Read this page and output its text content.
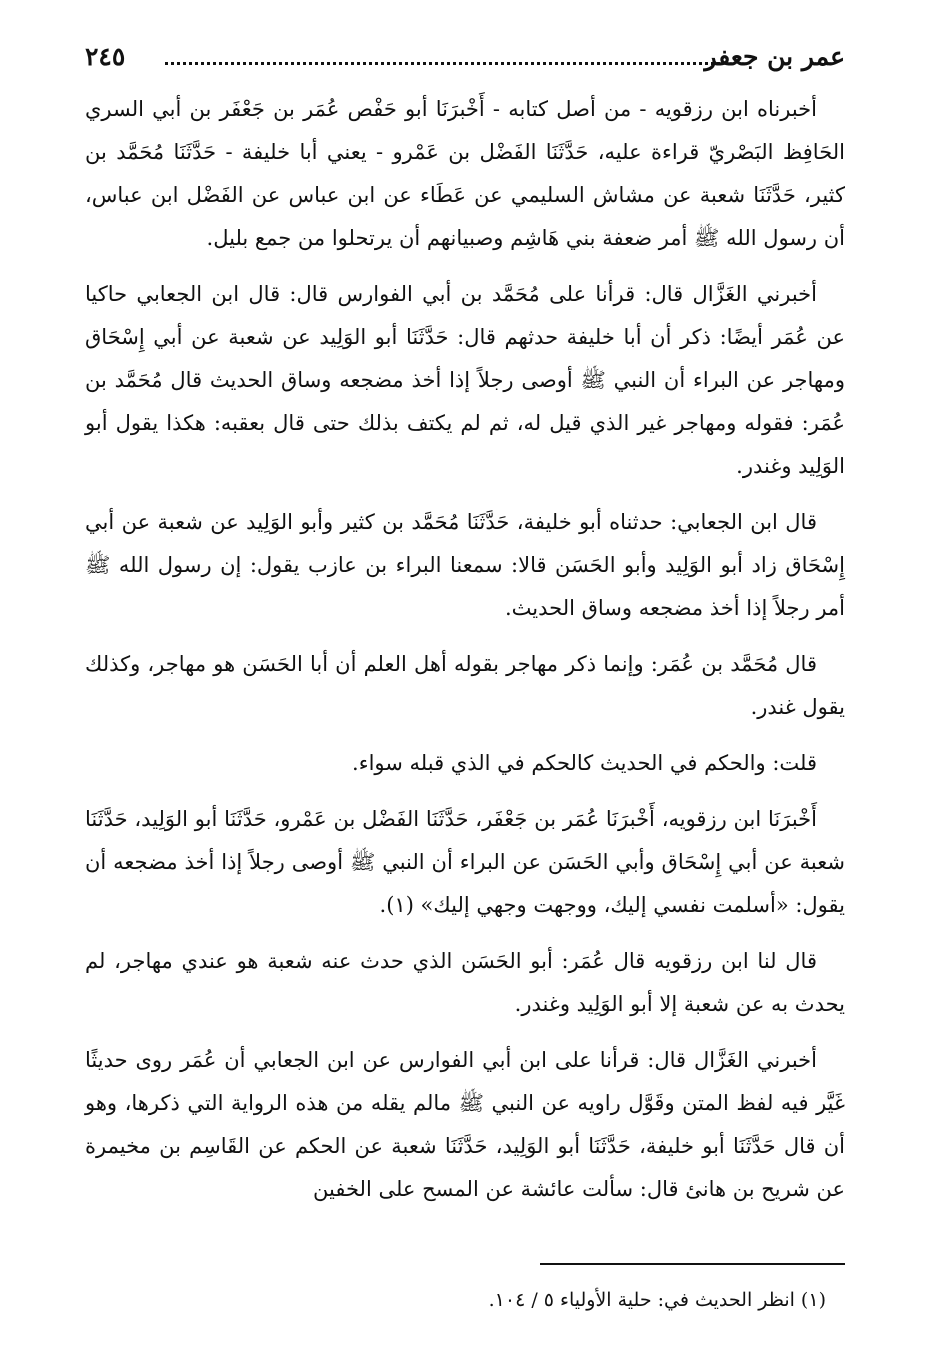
عمر بن جعفر
٢٤٥

أخبرناه ابن رزقويه - من أصل كتابه - أَخْبرَنَا أبو حَفْص عُمَر بن جَعْفَر بن أبي السري الحَافِظ البَصْريّ قراءة عليه، حَدَّثَنَا الفَضْل بن عَمْرو - يعني أبا خليفة - حَدَّثَنَا مُحَمَّد بن كثير، حَدَّثَنَا شعبة عن مشاش السليمي عن عَطَاء عن ابن عباس عن الفَضْل ابن عباس، أن رسول الله ﷺ أمر ضعفة بني هَاشِم وصبيانهم أن يرتحلوا من جمع بليل.

أخبرني الغَزَّال قال: قرأنا على مُحَمَّد بن أبي الفوارس قال: قال ابن الجعابي حاكيا عن عُمَر أيضًا: ذكر أن أبا خليفة حدثهم قال: حَدَّثَنَا أبو الوَلِيد عن شعبة عن أبي إِسْحَاق ومهاجر عن البراء أن النبي ﷺ أوصى رجلاً إذا أخذ مضجعه وساق الحديث قال مُحَمَّد بن عُمَر: فقوله ومهاجر غير الذي قيل له، ثم لم يكتف بذلك حتى قال بعقبه: هكذا يقول أبو الوَلِيد وغندر.

قال ابن الجعابي: حدثناه أبو خليفة، حَدَّثَنَا مُحَمَّد بن كثير وأبو الوَلِيد عن شعبة عن أبي إِسْحَاق زاد أبو الوَلِيد وأبو الحَسَن قالا: سمعنا البراء بن عازب يقول: إن رسول الله ﷺ أمر رجلاً إذا أخذ مضجعه وساق الحديث.

قال مُحَمَّد بن عُمَر: وإنما ذكر مهاجر بقوله أهل العلم أن أبا الحَسَن هو مهاجر، وكذلك يقول غندر.

قلت: والحكم في الحديث كالحكم في الذي قبله سواء.

أَخْبرَنَا ابن رزقويه، أَخْبرَنَا عُمَر بن جَعْفَر، حَدَّثَنَا الفَضْل بن عَمْرو، حَدَّثَنَا أبو الوَلِيد، حَدَّثَنَا شعبة عن أبي إِسْحَاق وأبي الحَسَن عن البراء أن النبي ﷺ أوصى رجلاً إذا أخذ مضجعه أن يقول: «أسلمت نفسي إليك، ووجهت وجهي إليك» (١).

قال لنا ابن رزقويه قال عُمَر: أبو الحَسَن الذي حدث عنه شعبة هو عندي مهاجر، لم يحدث به عن شعبة إلا أبو الوَلِيد وغندر.

أخبرني الغَزَّال قال: قرأنا على ابن أبي الفوارس عن ابن الجعابي أن عُمَر روى حديثًا غَيَّر فيه لفظ المتن وقَوَّل راويه عن النبي ﷺ مالم يقله من هذه الرواية التي ذكرها، وهو أن قال حَدَّثَنَا أبو خليفة، حَدَّثَنَا أبو الوَلِيد، حَدَّثَنَا شعبة عن الحكم عن القَاسِم بن مخيمرة عن شريح بن هانئ قال: سألت عائشة عن المسح على الخفين

(١) انظر الحديث في: حلية الأولياء ٥ / ١٠٤.
